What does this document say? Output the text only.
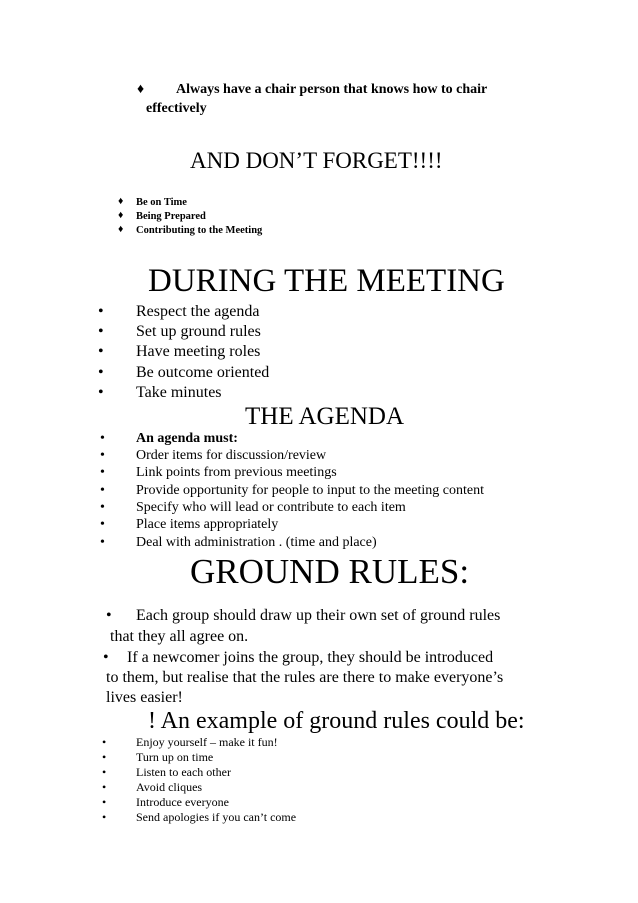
♦ Always have a chair person that knows how to chair
effectively
AND DON’T FORGET!!!!
♦ Be on Time
♦ Being Prepared
♦ Contributing to the Meeting
DURING THE MEETING
• Respect the agenda
• Set up ground rules
• Have meeting roles
• Be outcome oriented
• Take minutes
THE AGENDA
• An agenda must:
• Order items for discussion/review
• Link points from previous meetings
• Provide opportunity for people to input to the meeting content
• Specify who will lead or contribute to each item
• Place items appropriately
• Deal with administration . (time and place)
GROUND RULES:
• Each group should draw up their own set of ground rules
that they all agree on.
• If a newcomer joins the group, they should be introduced
to them, but realise that the rules are there to make everyone’s
lives easier!
! An example of ground rules could be:
• Enjoy yourself – make it fun!
• Turn up on time
• Listen to each other
• Avoid cliques
• Introduce everyone
• Send apologies if you can’t come
